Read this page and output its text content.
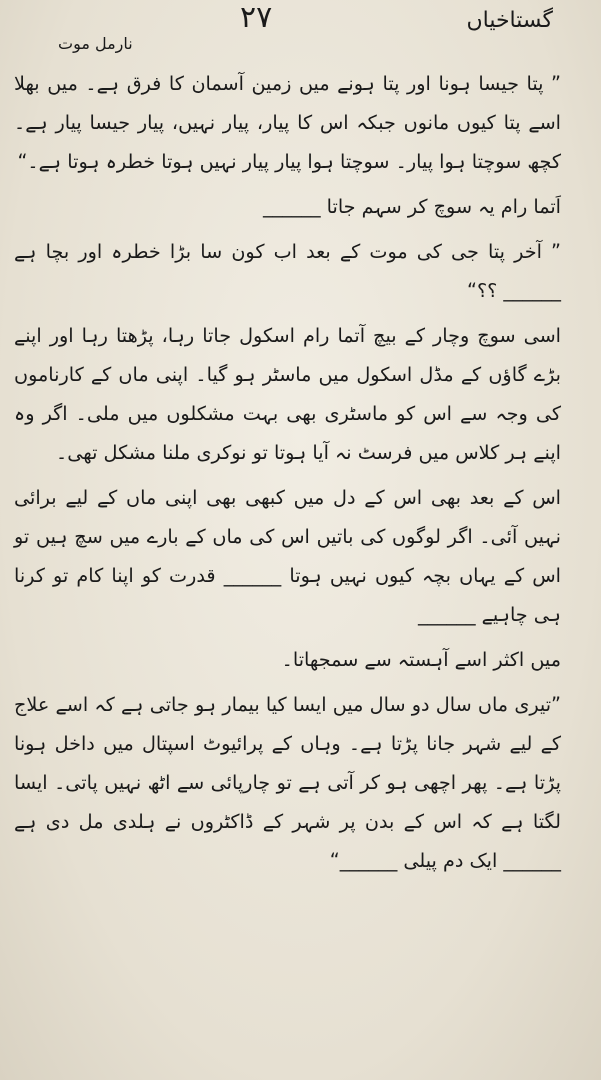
گستاخیاں
۲۷
نارمل موت

” پتا جیسا ہونا اور پتا ہونے میں زمین آسمان کا فرق ہے۔ میں بھلا اسے پتا کیوں مانوں جبکہ اس کا پیار، پیار نہیں، پیار جیسا پیار ہے۔ کچھ سوچتا ہوا پیار۔ سوچتا ہوا پیار پیار نہیں ہوتا خطرہ ہوتا ہے۔“

اَتما رام یہ سوچ کر سہم جاتا ______

” آخر پتا جی کی موت کے بعد اب کون سا بڑا خطرہ اور بچا ہے ______ ؟؟“

اسی سوچ وچار کے بیچ آتما رام اسکول جاتا رہا، پڑھتا رہا اور اپنے بڑے گاؤں کے مڈل اسکول میں ماسٹر ہو گیا۔ اپنی ماں کے کارناموں کی وجہ سے اس کو ماسٹری بھی بہت مشکلوں میں ملی۔ اگر وہ اپنے ہر کلاس میں فرسٹ نہ آیا ہوتا تو نوکری ملنا مشکل تھی۔

اس کے بعد بھی اس کے دل میں کبھی بھی اپنی ماں کے لیے برائی نہیں آئی۔ اگر لوگوں کی باتیں اس کی ماں کے بارے میں سچ ہیں تو اس کے یہاں بچہ کیوں نہیں ہوتا ______ قدرت کو اپنا کام تو کرنا ہی چاہیے ______

میں اکثر اسے آہستہ سے سمجھاتا۔

”تیری ماں سال دو سال میں ایسا کیا بیمار ہو جاتی ہے کہ اسے علاج کے لیے شہر جانا پڑتا ہے۔ وہاں کے پرائیوٹ اسپتال میں داخل ہونا پڑتا ہے۔ پھر اچھی ہو کر آتی ہے تو چارپائی سے اٹھ نہیں پاتی۔ ایسا لگتا ہے کہ اس کے بدن پر شہر کے ڈاکٹروں نے ہلدی مل دی ہے ______ ایک دم پیلی ______“
